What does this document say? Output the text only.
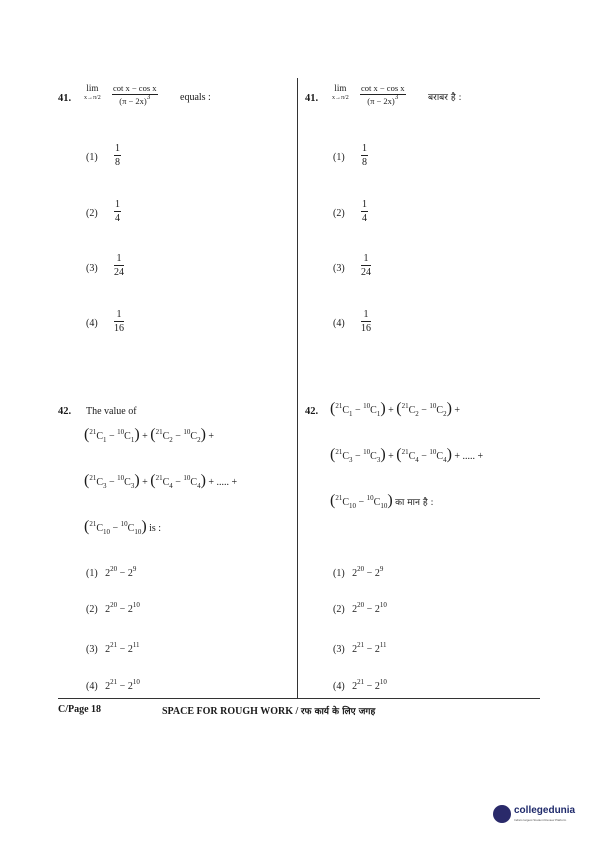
41.
lim
$x\to\pi/2 \frac{\text{cot x − cos x}}{(\pi - 2x)^3}$ equals :
$(1) \frac{1}{8}$
$(2) \frac{1}{4}$
$(3) \frac{1}{24}$
$(4) \frac{1}{16}$
41.
lim
$x\to\pi/2 \frac{\text{cot x − cos x}}{(\pi - 2x)^3}$ बराबर है :
$(1) \frac{1}{8}$
$(2) \frac{1}{4}$
$(3) \frac{1}{24}$
$(4) \frac{1}{16}$
42. The value of
$(^{21}C_1 - ^{10}C_1) + (^{21}C_2 - ^{10}C_2)$ +
$(^{21}C_3 - ^{10}C_3) + (^{21}C_4 - ^{10}C_4)$ + ..... +
$(^{21}C_{10} - ^{10}C_{10})$ is :
(1) $2^{20} - 2^9$
(2) $2^{20} - 2^{10}$
(3) $2^{21} - 2^{11}$
(4) $2^{21} - 2^{10}$
42. $(^{21}C_1 - ^{10}C_1) + (^{21}C_2 - ^{10}C_2)$ +
$(^{21}C_3 - ^{10}C_3) + (^{21}C_4 - ^{10}C_4)$ + ..... +
$(^{21}C_{10} - ^{10}C_{10})$ का मान है :
(1) $2^{20} - 2^9$
(2) $2^{20} - 2^{10}$
(3) $2^{21} - 2^{11}$
(4) $2^{21} - 2^{10}$
C/Page 18	SPACE FOR ROUGH WORK / रफ कार्य के लिए जगह
collegedunia
India's largest Student Review Platform
